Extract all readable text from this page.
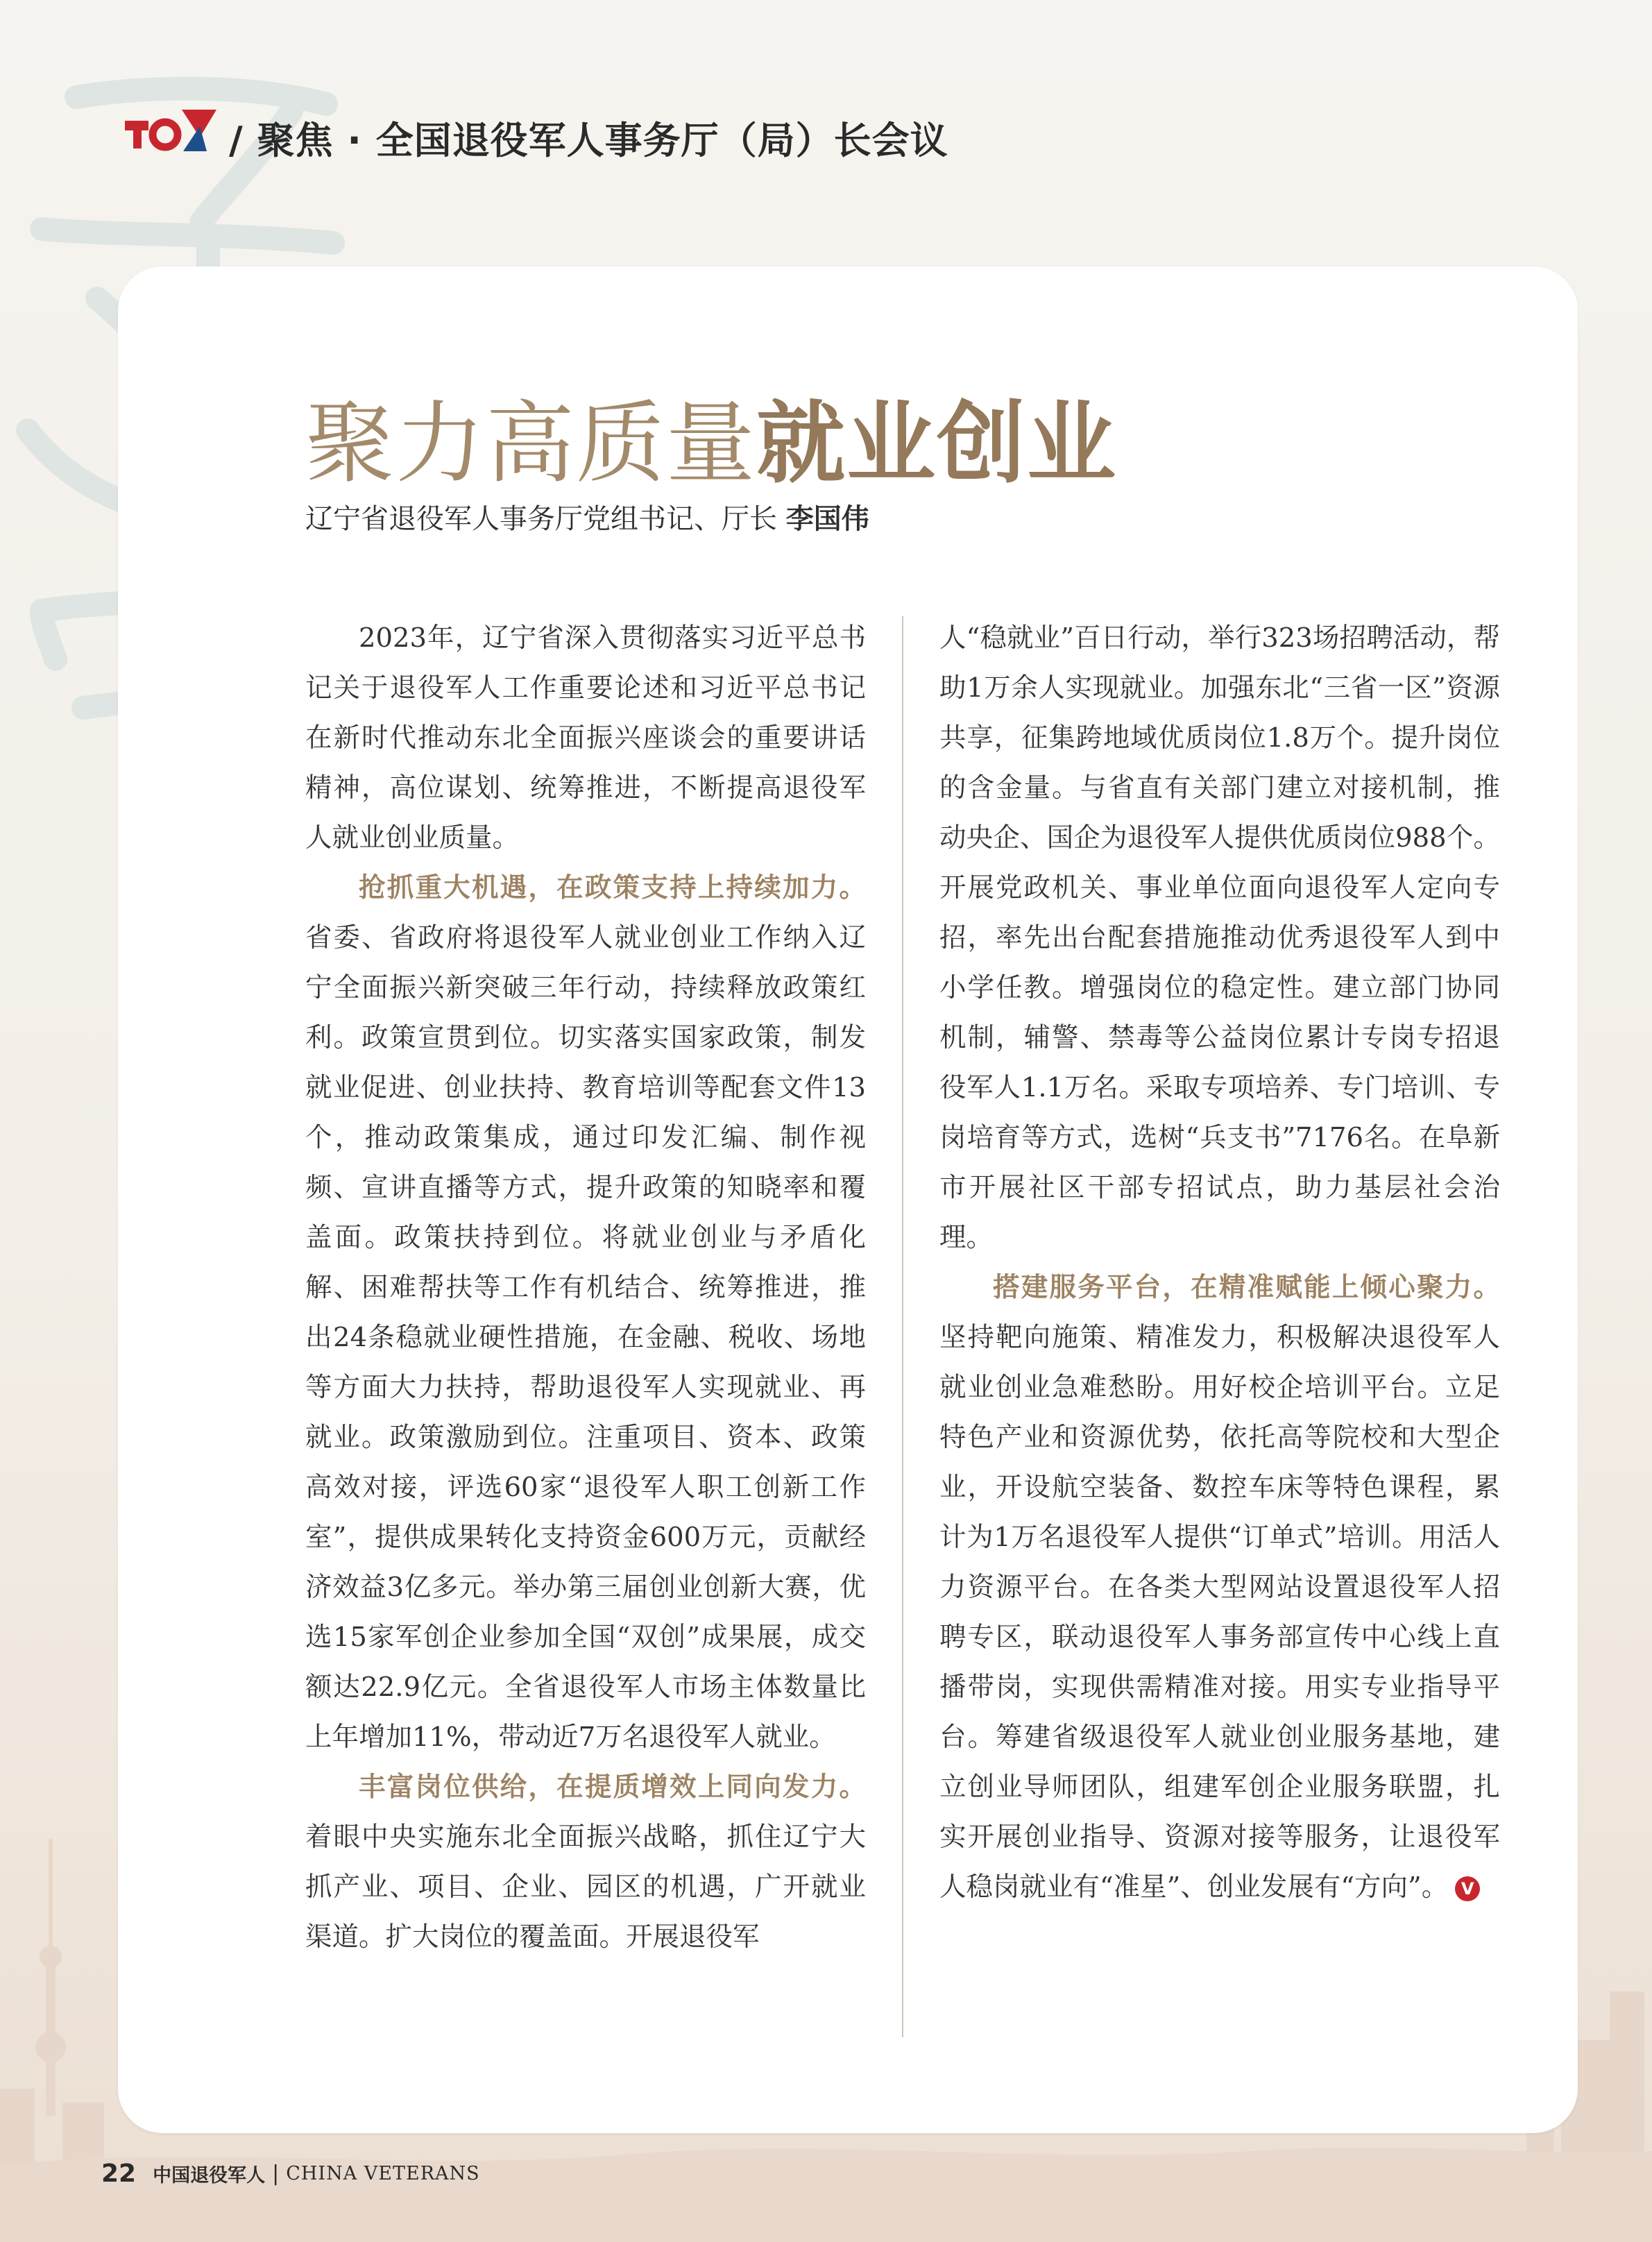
/ 聚焦 · 全国退役军人事务厅（局）长会议
聚力高质量就业创业
辽宁省退役军人事务厅党组书记、厅长 李国伟

2023年，辽宁省深入贯彻落实习近平总书记关于退役军人工作重要论述和习近平总书记在新时代推动东北全面振兴座谈会的重要讲话精神，高位谋划、统筹推进，不断提高退役军人就业创业质量。

抢抓重大机遇，在政策支持上持续加力。省委、省政府将退役军人就业创业工作纳入辽宁全面振兴新突破三年行动，持续释放政策红利。政策宣贯到位。切实落实国家政策，制发就业促进、创业扶持、教育培训等配套文件13个，推动政策集成，通过印发汇编、制作视频、宣讲直播等方式，提升政策的知晓率和覆盖面。政策扶持到位。将就业创业与矛盾化解、困难帮扶等工作有机结合、统筹推进，推出24条稳就业硬性措施，在金融、税收、场地等方面大力扶持，帮助退役军人实现就业、再就业。政策激励到位。注重项目、资本、政策高效对接，评选60家“退役军人职工创新工作室”，提供成果转化支持资金600万元，贡献经济效益3亿多元。举办第三届创业创新大赛，优选15家军创企业参加全国“双创”成果展，成交额达22.9亿元。全省退役军人市场主体数量比上年增加11%，带动近7万名退役军人就业。

丰富岗位供给，在提质增效上同向发力。着眼中央实施东北全面振兴战略，抓住辽宁大抓产业、项目、企业、园区的机遇，广开就业渠道。扩大岗位的覆盖面。开展退役军

人“稳就业”百日行动，举行323场招聘活动，帮助1万余人实现就业。加强东北“三省一区”资源共享，征集跨地域优质岗位1.8万个。提升岗位的含金量。与省直有关部门建立对接机制，推动央企、国企为退役军人提供优质岗位988个。开展党政机关、事业单位面向退役军人定向专招，率先出台配套措施推动优秀退役军人到中小学任教。增强岗位的稳定性。建立部门协同机制，辅警、禁毒等公益岗位累计专岗专招退役军人1.1万名。采取专项培养、专门培训、专岗培育等方式，选树“兵支书”7176名。在阜新市开展社区干部专招试点，助力基层社会治理。

搭建服务平台，在精准赋能上倾心聚力。坚持靶向施策、精准发力，积极解决退役军人就业创业急难愁盼。用好校企培训平台。立足特色产业和资源优势，依托高等院校和大型企业，开设航空装备、数控车床等特色课程，累计为1万名退役军人提供“订单式”培训。用活人力资源平台。在各类大型网站设置退役军人招聘专区，联动退役军人事务部宣传中心线上直播带岗，实现供需精准对接。用实专业指导平台。筹建省级退役军人就业创业服务基地，建立创业导师团队，组建军创企业服务联盟，扎实开展创业指导、资源对接等服务，让退役军人稳岗就业有“准星”、创业发展有“方向”。 V

22 中国退役军人 | CHINA VETERANS
